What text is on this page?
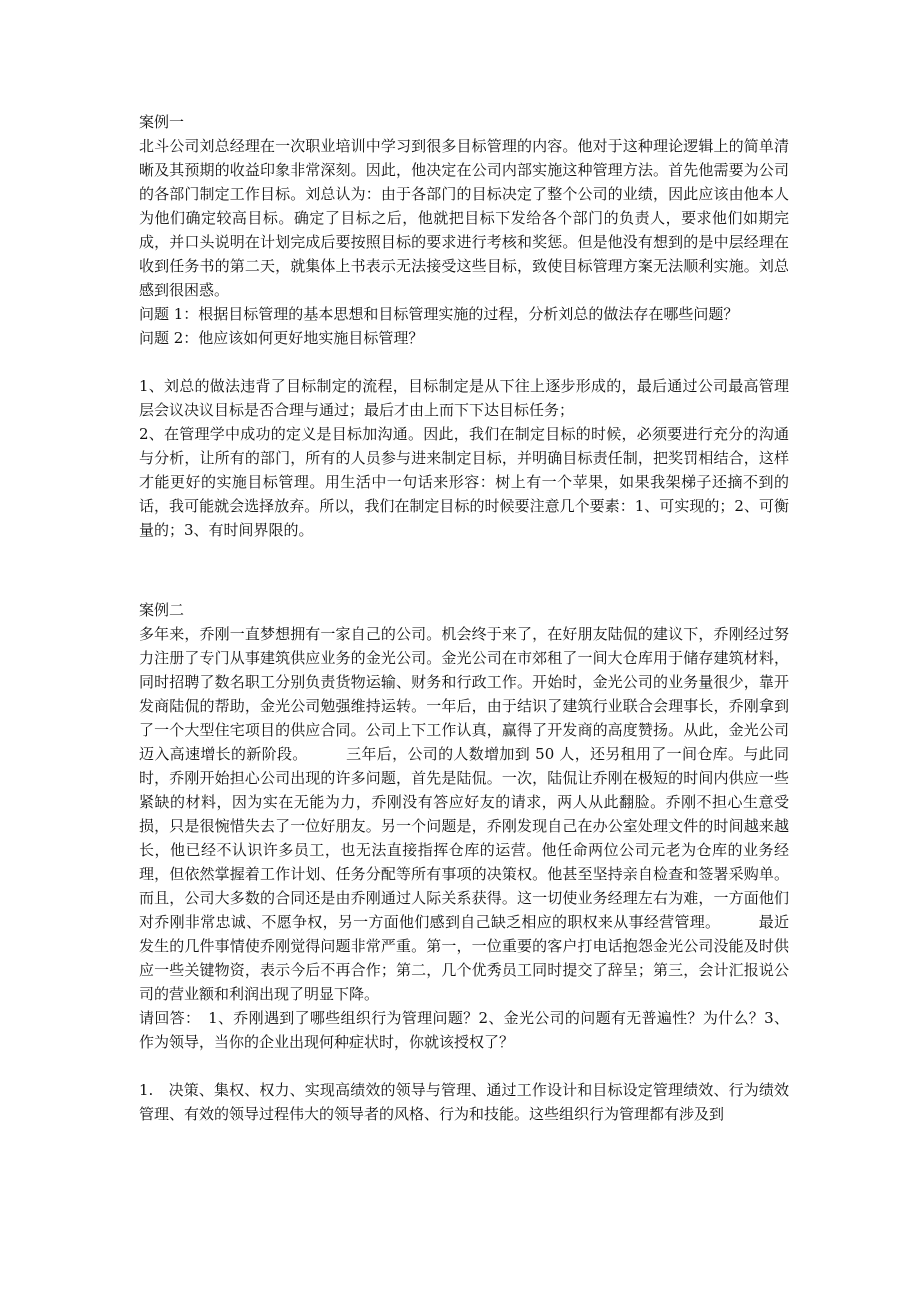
案例一

北斗公司刘总经理在一次职业培训中学习到很多目标管理的内容。他对于这种理论逻辑上的简单清晰及其预期的收益印象非常深刻。因此，他决定在公司内部实施这种管理方法。首先他需要为公司的各部门制定工作目标。刘总认为：由于各部门的目标决定了整个公司的业绩，因此应该由他本人为他们确定较高目标。确定了目标之后，他就把目标下发给各个部门的负责人，要求他们如期完成，并口头说明在计划完成后要按照目标的要求进行考核和奖惩。但是他没有想到的是中层经理在收到任务书的第二天，就集体上书表示无法接受这些目标，致使目标管理方案无法顺利实施。刘总感到很困惑。

问题 1：根据目标管理的基本思想和目标管理实施的过程，分析刘总的做法存在哪些问题？

问题 2：他应该如何更好地实施目标管理？

1、刘总的做法违背了目标制定的流程，目标制定是从下往上逐步形成的，最后通过公司最高管理层会议决议目标是否合理与通过；最后才由上而下下达目标任务；

2、在管理学中成功的定义是目标加沟通。因此，我们在制定目标的时候，必须要进行充分的沟通与分析，让所有的部门，所有的人员参与进来制定目标，并明确目标责任制，把奖罚相结合，这样才能更好的实施目标管理。用生活中一句话来形容：树上有一个苹果，如果我架梯子还摘不到的话，我可能就会选择放弃。所以，我们在制定目标的时候要注意几个要素：1、可实现的；2、可衡量的；3、有时间界限的。

案例二

多年来，乔刚一直梦想拥有一家自己的公司。机会终于来了，在好朋友陆侃的建议下，乔刚经过努力注册了专门从事建筑供应业务的金光公司。金光公司在市郊租了一间大仓库用于储存建筑材料，同时招聘了数名职工分别负责货物运输、财务和行政工作。开始时，金光公司的业务量很少，靠开发商陆侃的帮助，金光公司勉强维持运转。一年后，由于结识了建筑行业联合会理事长，乔刚拿到了一个大型住宅项目的供应合同。公司上下工作认真，赢得了开发商的高度赞扬。从此，金光公司迈入高速增长的新阶段。　　　三年后，公司的人数增加到 50 人，还另租用了一间仓库。与此同时，乔刚开始担心公司出现的许多问题，首先是陆侃。一次，陆侃让乔刚在极短的时间内供应一些紧缺的材料，因为实在无能为力，乔刚没有答应好友的请求，两人从此翻脸。乔刚不担心生意受损，只是很惋惜失去了一位好朋友。另一个问题是，乔刚发现自己在办公室处理文件的时间越来越长，他已经不认识许多员工，也无法直接指挥仓库的运营。他任命两位公司元老为仓库的业务经理，但依然掌握着工作计划、任务分配等所有事项的决策权。他甚至坚持亲自检查和签署采购单。而且，公司大多数的合同还是由乔刚通过人际关系获得。这一切使业务经理左右为难，一方面他们对乔刚非常忠诚、不愿争权，另一方面他们感到自己缺乏相应的职权来从事经营管理。　　　最近发生的几件事情使乔刚觉得问题非常严重。第一，一位重要的客户打电话抱怨金光公司没能及时供应一些关键物资，表示今后不再合作；第二，几个优秀员工同时提交了辞呈；第三，会计汇报说公司的营业额和利润出现了明显下降。

请回答：　1、乔刚遇到了哪些组织行为管理问题？2、金光公司的问题有无普遍性？为什么？3、作为领导，当你的企业出现何种症状时，你就该授权了？

1.　决策、集权、权力、实现高绩效的领导与管理、通过工作设计和目标设定管理绩效、行为绩效管理、有效的领导过程伟大的领导者的风格、行为和技能。这些组织行为管理都有涉及到
